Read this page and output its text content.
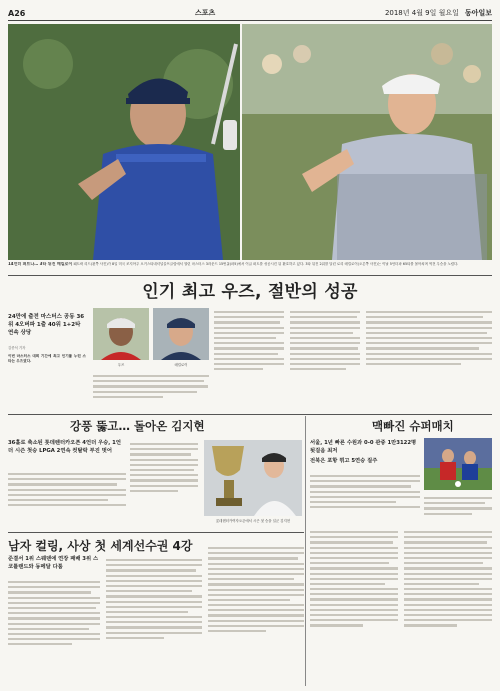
A26	스포츠	2018년 4월 9일 월요일 동아일보
14언더 퍼트나… 3타 뒤진 매킬로이 패트릭 리드(왼쪽 사진)가 8일 미국 조지아주 오거스타내셔널골프클럽에서 열린 마스터스 3라운드 15번홀(파5)에서 이글 퍼트를 성공시킨 뒤 환호하고 있다. 3타 뒤진 2위를 달린 로리 매킬로이(오른쪽 사진)는 이날 5언더파 65타를 몰아치며 역전 우승을 노렸다.
인기 최고 우즈, 절반의 성공
24만에 출전 마스터스 공동 36위 4오버파 1출 40위 1+2타 연속 상당
김종석 기자
이번 마스터스 대회 기간에 최고 인기를 누린 스타는 우즈였다.
우즈	매킬로이
강풍 뚫고… 돌아온 김지현
36홀로 축소된 롯데렌터카오픈 4언더 우승, 1언더 시즌 첫승 LPGA 2연속 컷탈락 부진 벗어
롯데렌터카여자오픈에서 시즌 첫 승을 일군 김지현
맥빠진 슈퍼매치
서울, 1년 빠른 수원과 0-0 관중 1만3122명 뒷걸음 최저
전북은 포항 꺾고 5연승 질주
남자 컬링, 사상 첫 세계선수권 4강
준결서 1위 스웨덴에 연장 패배 3위 스코틀랜드와 동메달 다툼
